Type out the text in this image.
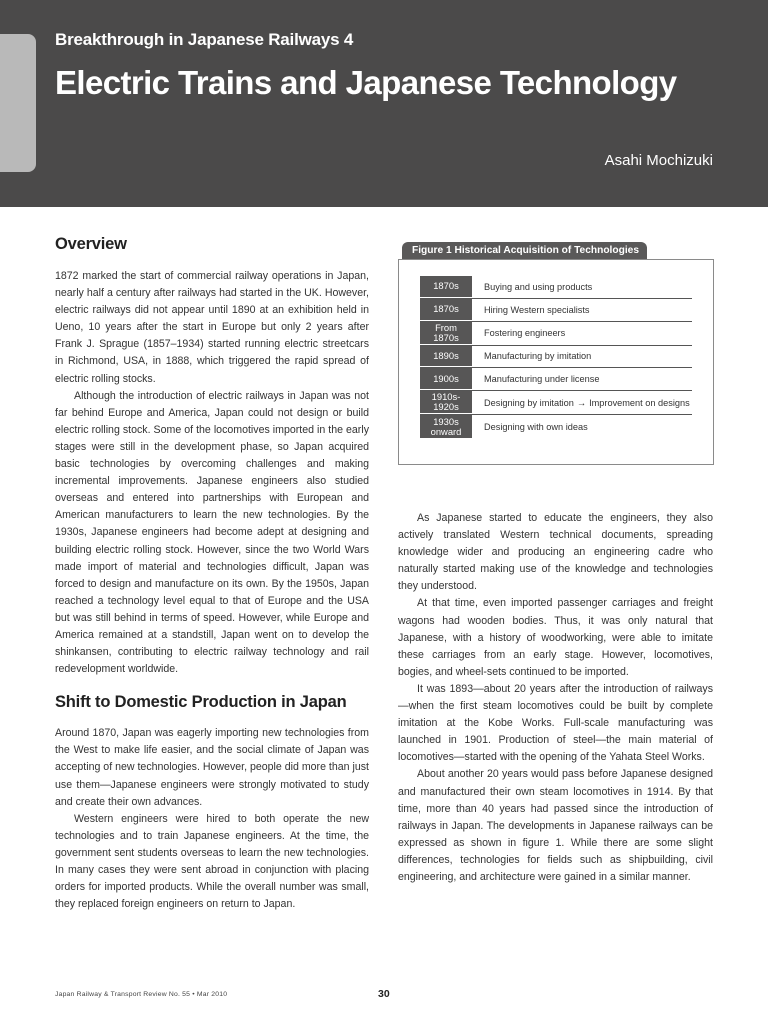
Breakthrough in Japanese Railways 4
Electric Trains and Japanese Technology
Asahi Mochizuki
Overview

1872 marked the start of commercial railway operations in Japan, nearly half a century after railways had started in the UK. However, electric railways did not appear until 1890 at an exhibition held in Ueno, 10 years after the start in Europe but only 2 years after Frank J. Sprague (1857–1934) started running electric streetcars in Richmond, USA, in 1888, which triggered the rapid spread of electric rolling stocks.

Although the introduction of electric railways in Japan was not far behind Europe and America, Japan could not design or build electric rolling stock. Some of the locomotives imported in the early stages were still in the development phase, so Japan acquired basic technologies by overcoming challenges and making incremental improvements. Japanese engineers also studied overseas and entered into partnerships with European and American manufacturers to learn the new technologies. By the 1930s, Japanese engineers had become adept at designing and building electric rolling stock. However, since the two World Wars made import of material and technologies difficult, Japan was forced to design and manufacture on its own. By the 1950s, Japan reached a technology level equal to that of Europe and the USA but was still behind in terms of speed. However, while Europe and America remained at a standstill, Japan went on to develop the shinkansen, contributing to electric railway technology and rail redevelopment worldwide.

Shift to Domestic Production in Japan

Around 1870, Japan was eagerly importing new technologies from the West to make life easier, and the social climate of Japan was accepting of new technologies. However, people did more than just use them—Japanese engineers were strongly motivated to study and create their own advances.

Western engineers were hired to both operate the new technologies and to train Japanese engineers. At the time, the government sent students overseas to learn the new technologies. In many cases they were sent abroad in conjunction with placing orders for imported products. While the overall number was small, they replaced foreign engineers on return to Japan.

Figure 1 Historical Acquisition of Technologies
1870s	Buying and using products
1870s	Hiring Western specialists
From
1870s	Fostering engineers
1890s	Manufacturing by imitation
1900s	Manufacturing under license
1910s-
1920s	Designing by imitation → Improvement on designs
1930s
onward	Designing with own ideas

As Japanese started to educate the engineers, they also actively translated Western technical documents, spreading knowledge wider and producing an engineering cadre who naturally started making use of the knowledge and technologies they understood.

At that time, even imported passenger carriages and freight wagons had wooden bodies. Thus, it was only natural that Japanese, with a history of woodworking, were able to imitate these carriages from an early stage. However, locomotives, bogies, and wheel-sets continued to be imported.

It was 1893—about 20 years after the introduction of railways—when the first steam locomotives could be built by complete imitation at the Kobe Works. Full-scale manufacturing was launched in 1901. Production of steel—the main material of locomotives—started with the opening of the Yahata Steel Works.

About another 20 years would pass before Japanese designed and manufactured their own steam locomotives in 1914. By that time, more than 40 years had passed since the introduction of railways in Japan. The developments in Japanese railways can be expressed as shown in figure 1. While there are some slight differences, technologies for fields such as shipbuilding, civil engineering, and architecture were gained in a similar manner.

Japan Railway & Transport Review No. 55 • Mar 2010	30
